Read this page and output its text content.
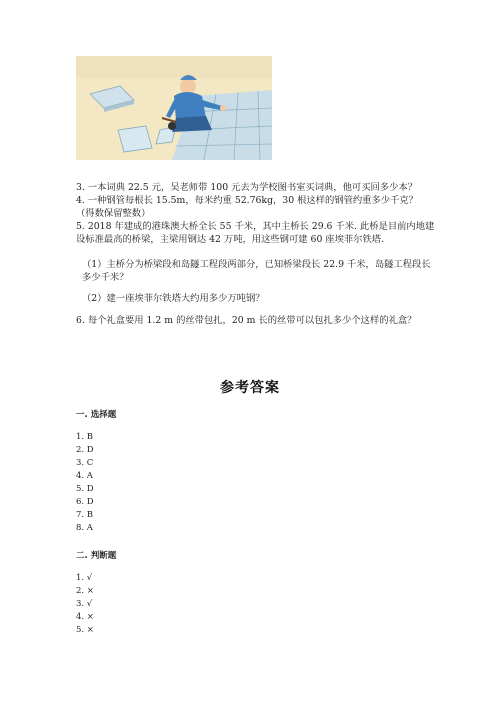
3. 一本词典 22.5 元，吴老师带 100 元去为学校图书室买词典，他可买回多少本？

4. 一种钢管每根长 15.5m，每米约重 52.76kg，30 根这样的钢管约重多少千克？（得数保留整数）

5. 2018 年建成的港珠澳大桥全长 55 千米，其中主桥长 29.6 千米. 此桥是目前内地建设标准最高的桥梁，主梁用钢达 42 万吨，用这些钢可建 60 座埃菲尔铁塔.

（1）主桥分为桥梁段和岛隧工程段两部分，已知桥梁段长 22.9 千米，岛隧工程段长多少千米？

（2）建一座埃菲尔铁塔大约用多少万吨钢？

6. 每个礼盒要用 1.2 m 的丝带包扎，20 m 长的丝带可以包扎多少个这样的礼盒？

参考答案
一. 选择题
1. B
2. D
3. C
4. A
5. D
6. D
7. B
8. A
二. 判断题
1. √
2. ×
3. √
4. ×
5. ×
